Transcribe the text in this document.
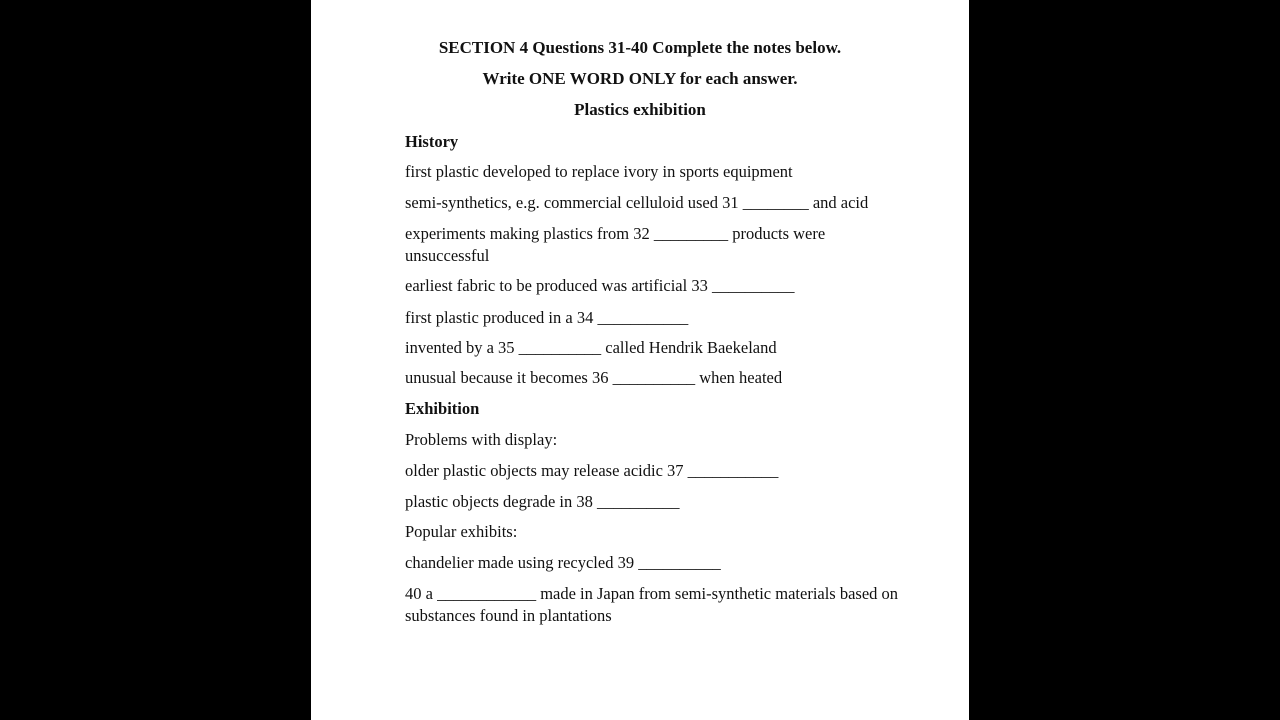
SECTION 4 Questions 31-40 Complete the notes below.
Write ONE WORD ONLY for each answer.
Plastics exhibition
History
first plastic developed to replace ivory in sports equipment
semi-synthetics, e.g. commercial celluloid used 31 ________ and acid
experiments making plastics from 32 _________ products were unsuccessful
earliest fabric to be produced was artificial 33 __________
first plastic produced in a 34 ___________
invented by a 35 __________ called Hendrik Baekeland
unusual because it becomes 36 __________ when heated
Exhibition
Problems with display:
older plastic objects may release acidic 37 ___________
plastic objects degrade in 38 __________
Popular exhibits:
chandelier made using recycled 39 __________
40 a ____________ made in Japan from semi-synthetic materials based on substances found in plantations
